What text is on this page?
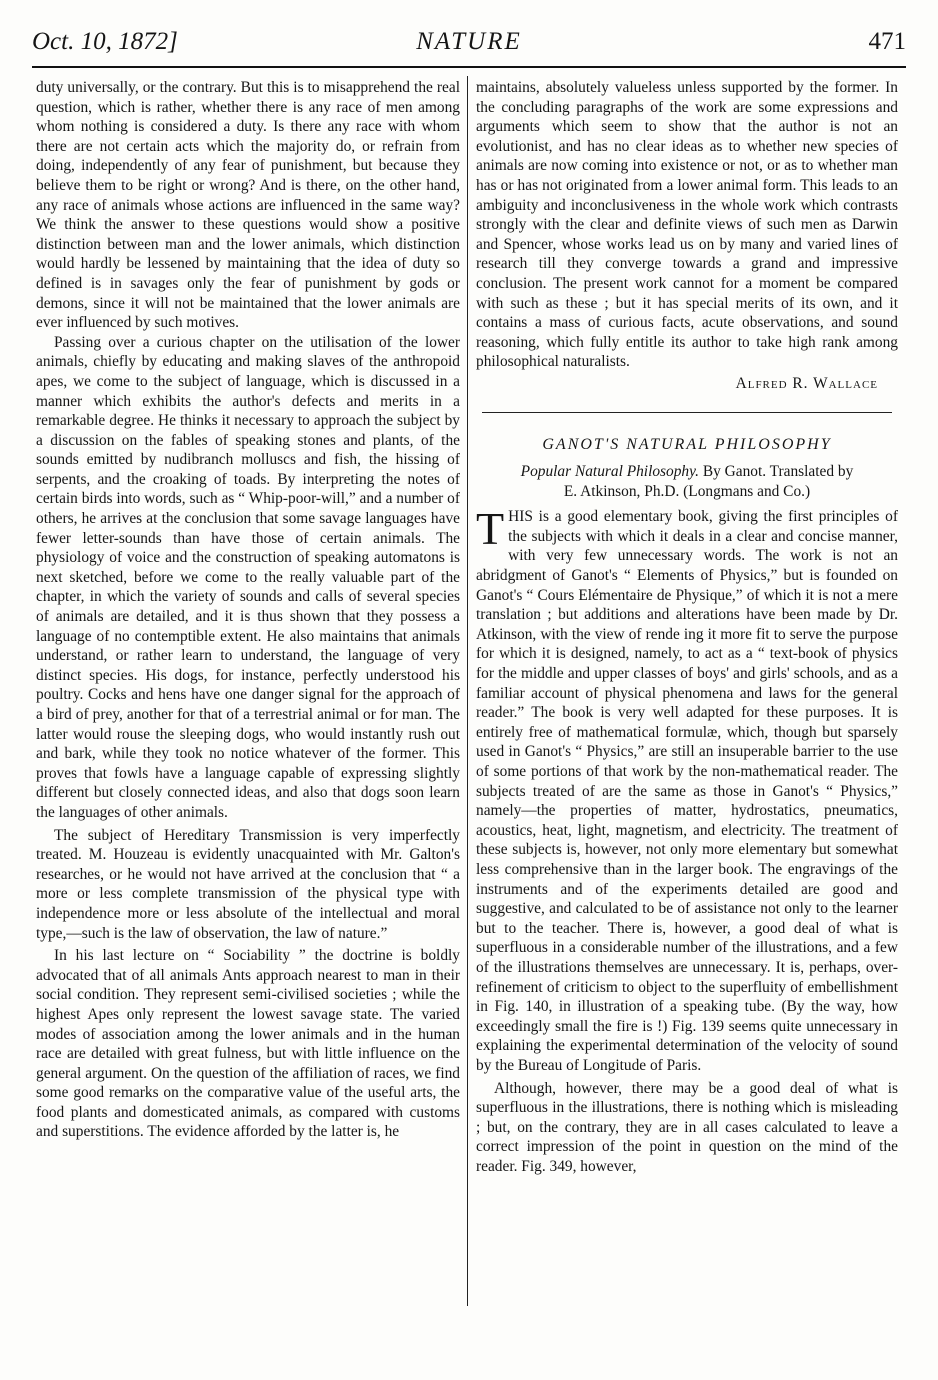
Oct. 10, 1872]	NATURE	471

duty universally, or the contrary. But this is to misapprehend the real question, which is rather, whether there is any race of men among whom nothing is considered a duty. Is there any race with whom there are not certain acts which the majority do, or refrain from doing, independently of any fear of punishment, but because they believe them to be right or wrong? And is there, on the other hand, any race of animals whose actions are influenced in the same way? We think the answer to these questions would show a positive distinction between man and the lower animals, which distinction would hardly be lessened by maintaining that the idea of duty so defined is in savages only the fear of punishment by gods or demons, since it will not be maintained that the lower animals are ever influenced by such motives.

Passing over a curious chapter on the utilisation of the lower animals, chiefly by educating and making slaves of the anthropoid apes, we come to the subject of language, which is discussed in a manner which exhibits the author's defects and merits in a remarkable degree. He thinks it necessary to approach the subject by a discussion on the fables of speaking stones and plants, of the sounds emitted by nudibranch molluscs and fish, the hissing of serpents, and the croaking of toads. By interpreting the notes of certain birds into words, such as “ Whip-poor-will,” and a number of others, he arrives at the conclusion that some savage languages have fewer letter-sounds than have those of certain animals. The physiology of voice and the construction of speaking automatons is next sketched, before we come to the really valuable part of the chapter, in which the variety of sounds and calls of several species of animals are detailed, and it is thus shown that they possess a language of no contemptible extent. He also maintains that animals understand, or rather learn to understand, the language of very distinct species. His dogs, for instance, perfectly understood his poultry. Cocks and hens have one danger signal for the approach of a bird of prey, another for that of a terrestrial animal or for man. The latter would rouse the sleeping dogs, who would instantly rush out and bark, while they took no notice whatever of the former. This proves that fowls have a language capable of expressing slightly different but closely connected ideas, and also that dogs soon learn the languages of other animals.

The subject of Hereditary Transmission is very imperfectly treated. M. Houzeau is evidently unacquainted with Mr. Galton's researches, or he would not have arrived at the conclusion that “ a more or less complete transmission of the physical type with independence more or less absolute of the intellectual and moral type,—such is the law of observation, the law of nature.”

In his last lecture on “ Sociability ” the doctrine is boldly advocated that of all animals Ants approach nearest to man in their social condition. They represent semi-civilised societies ; while the highest Apes only represent the lowest savage state. The varied modes of association among the lower animals and in the human race are detailed with great fulness, but with little influence on the general argument. On the question of the affiliation of races, we find some good remarks on the comparative value of the useful arts, the food plants and domesticated animals, as compared with customs and superstitions. The evidence afforded by the latter is, he

maintains, absolutely valueless unless supported by the former. In the concluding paragraphs of the work are some expressions and arguments which seem to show that the author is not an evolutionist, and has no clear ideas as to whether new species of animals are now coming into existence or not, or as to whether man has or has not originated from a lower animal form. This leads to an ambiguity and inconclusiveness in the whole work which contrasts strongly with the clear and definite views of such men as Darwin and Spencer, whose works lead us on by many and varied lines of research till they converge towards a grand and impressive conclusion. The present work cannot for a moment be compared with such as these ; but it has special merits of its own, and it contains a mass of curious facts, acute observations, and sound reasoning, which fully entitle its author to take high rank among philosophical naturalists.

Alfred R. Wallace
GANOT'S NATURAL PHILOSOPHY
Popular Natural Philosophy. By Ganot. Translated by
E. Atkinson, Ph.D. (Longmans and Co.)

THIS is a good elementary book, giving the first principles of the subjects with which it deals in a clear and concise manner, with very few unnecessary words. The work is not an abridgment of Ganot's “ Elements of Physics,” but is founded on Ganot's “ Cours Elémentaire de Physique,” of which it is not a mere translation ; but additions and alterations have been made by Dr. Atkinson, with the view of rende ing it more fit to serve the purpose for which it is designed, namely, to act as a “ text-book of physics for the middle and upper classes of boys' and girls' schools, and as a familiar account of physical phenomena and laws for the general reader.” The book is very well adapted for these purposes. It is entirely free of mathematical formulæ, which, though but sparsely used in Ganot's “ Physics,” are still an insuperable barrier to the use of some portions of that work by the non-mathematical reader. The subjects treated of are the same as those in Ganot's “ Physics,” namely—the properties of matter, hydrostatics, pneumatics, acoustics, heat, light, magnetism, and electricity. The treatment of these subjects is, however, not only more elementary but somewhat less comprehensive than in the larger book. The engravings of the instruments and of the experiments detailed are good and suggestive, and calculated to be of assistance not only to the learner but to the teacher. There is, however, a good deal of what is superfluous in a considerable number of the illustrations, and a few of the illustrations themselves are unnecessary. It is, perhaps, over-refinement of criticism to object to the superfluity of embellishment in Fig. 140, in illustration of a speaking tube. (By the way, how exceedingly small the fire is !) Fig. 139 seems quite unnecessary in explaining the experimental determination of the velocity of sound by the Bureau of Longitude of Paris.

Although, however, there may be a good deal of what is superfluous in the illustrations, there is nothing which is misleading ; but, on the contrary, they are in all cases calculated to leave a correct impression of the point in question on the mind of the reader. Fig. 349, however,
